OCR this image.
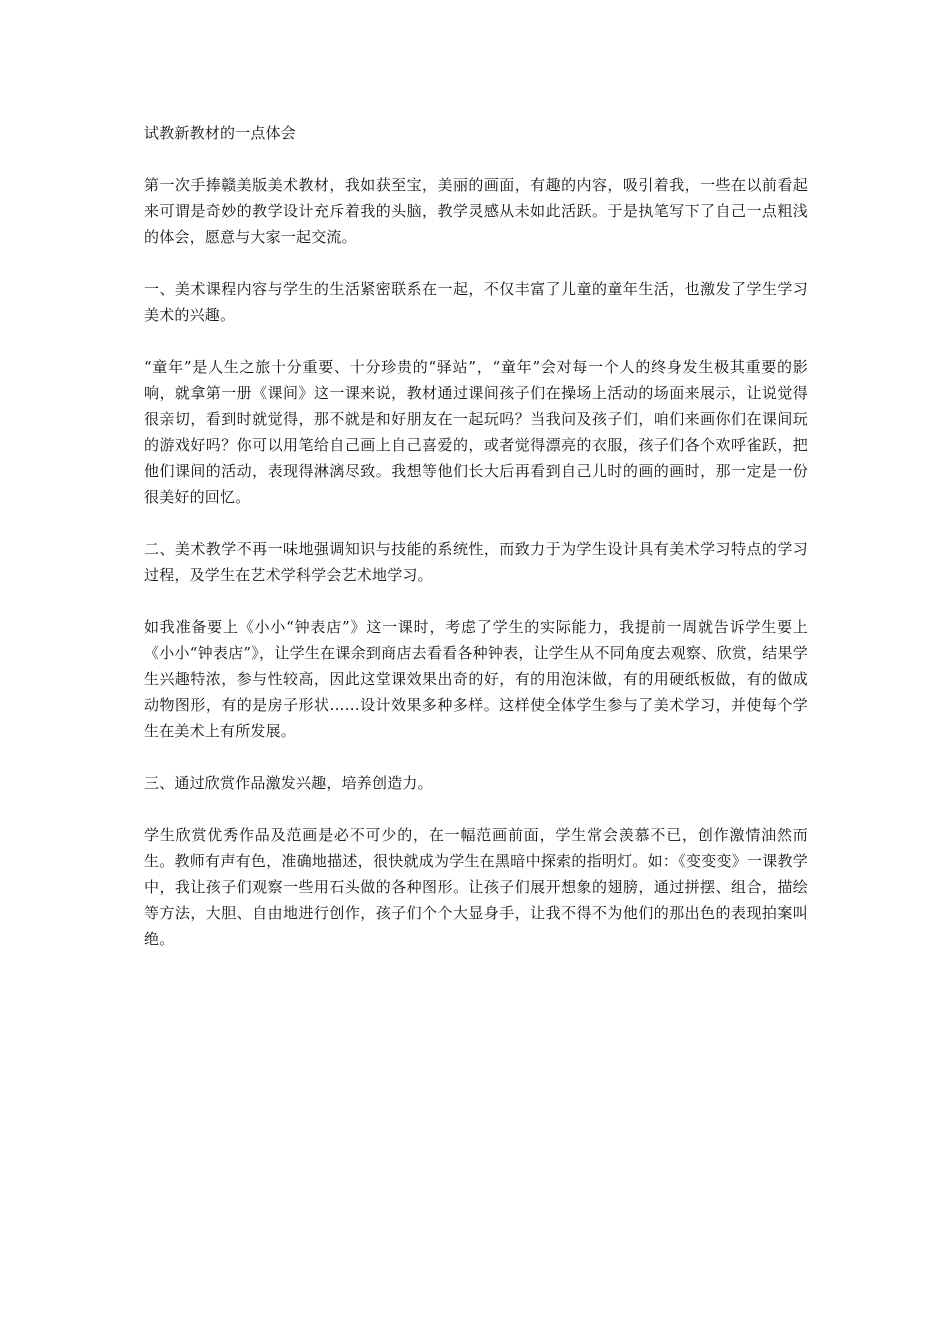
试教新教材的一点体会

第一次手捧赣美版美术教材，我如获至宝，美丽的画面，有趣的内容，吸引着我，一些在以前看起来可谓是奇妙的教学设计充斥着我的头脑，教学灵感从未如此活跃。于是执笔写下了自己一点粗浅的体会，愿意与大家一起交流。

一、美术课程内容与学生的生活紧密联系在一起，不仅丰富了儿童的童年生活，也激发了学生学习美术的兴趣。

“童年”是人生之旅十分重要、十分珍贵的“驿站”，“童年”会对每一个人的终身发生极其重要的影响，就拿第一册《课间》这一课来说，教材通过课间孩子们在操场上活动的场面来展示，让说觉得很亲切，看到时就觉得，那不就是和好朋友在一起玩吗？当我问及孩子们，咱们来画你们在课间玩的游戏好吗？你可以用笔给自己画上自己喜爱的，或者觉得漂亮的衣服，孩子们各个欢呼雀跃，把他们课间的活动，表现得淋漓尽致。我想等他们长大后再看到自己儿时的画的画时，那一定是一份很美好的回忆。

二、美术教学不再一味地强调知识与技能的系统性，而致力于为学生设计具有美术学习特点的学习过程，及学生在艺术学科学会艺术地学习。

如我准备要上《小小“钟表店”》这一课时，考虑了学生的实际能力，我提前一周就告诉学生要上《小小“钟表店”》，让学生在课余到商店去看看各种钟表，让学生从不同角度去观察、欣赏，结果学生兴趣特浓，参与性较高，因此这堂课效果出奇的好，有的用泡沫做，有的用硬纸板做，有的做成动物图形，有的是房子形状……设计效果多种多样。这样使全体学生参与了美术学习，并使每个学生在美术上有所发展。

三、通过欣赏作品激发兴趣，培养创造力。

学生欣赏优秀作品及范画是必不可少的，在一幅范画前面，学生常会羡慕不已，创作激情油然而生。教师有声有色，准确地描述，很快就成为学生在黑暗中探索的指明灯。如：《变变变》一课教学中，我让孩子们观察一些用石头做的各种图形。让孩子们展开想象的翅膀，通过拼摆、组合，描绘等方法，大胆、自由地进行创作，孩子们个个大显身手，让我不得不为他们的那出色的表现拍案叫绝。
